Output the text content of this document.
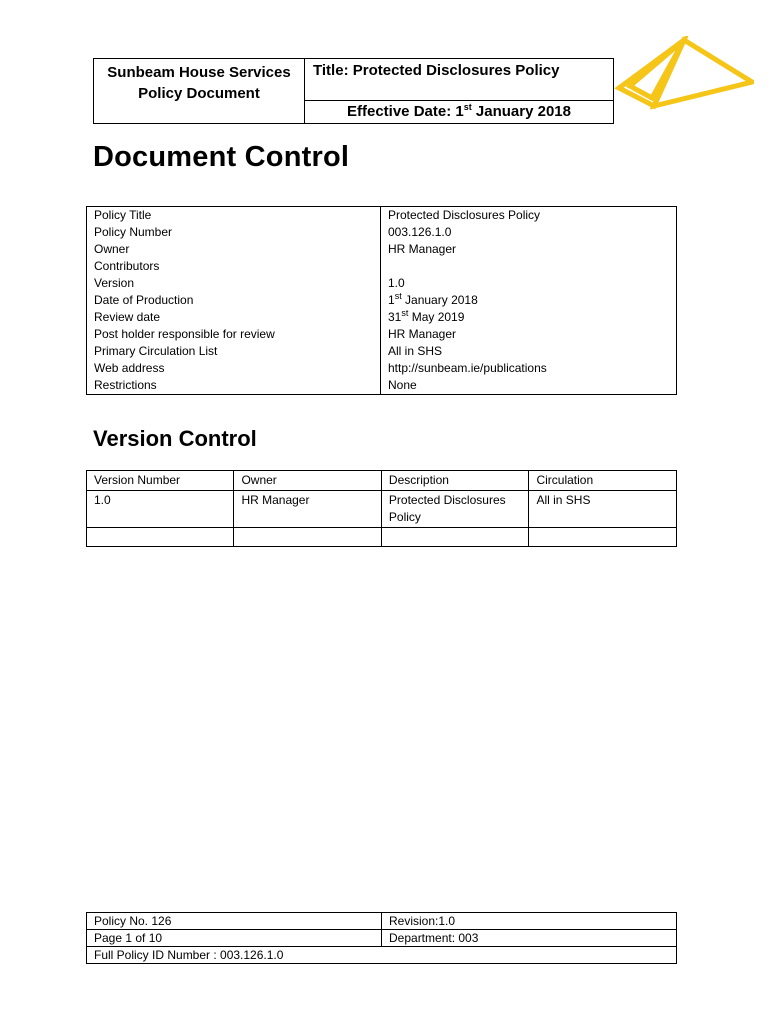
Sunbeam House Services
Policy Document
	Title: Protected Disclosures Policy
Effective Date: 1st January 2018
Document Control
Policy Title	Protected Disclosures Policy
Policy Number	003.126.1.0
Owner	HR Manager
Contributors	
Version	1.0
Date of Production	1st January 2018
Review date	31st May 2019
Post holder responsible for review	HR Manager
Primary Circulation List	All in SHS
Web address	http://sunbeam.ie/publications
Restrictions	None
Version Control
Version Number	Owner	Description	Circulation
1.0	HR Manager	Protected Disclosures Policy	All in SHS

Policy No. 126	Revision:1.0
Page 1 of 10	Department: 003
Full Policy ID Number : 003.126.1.0	
